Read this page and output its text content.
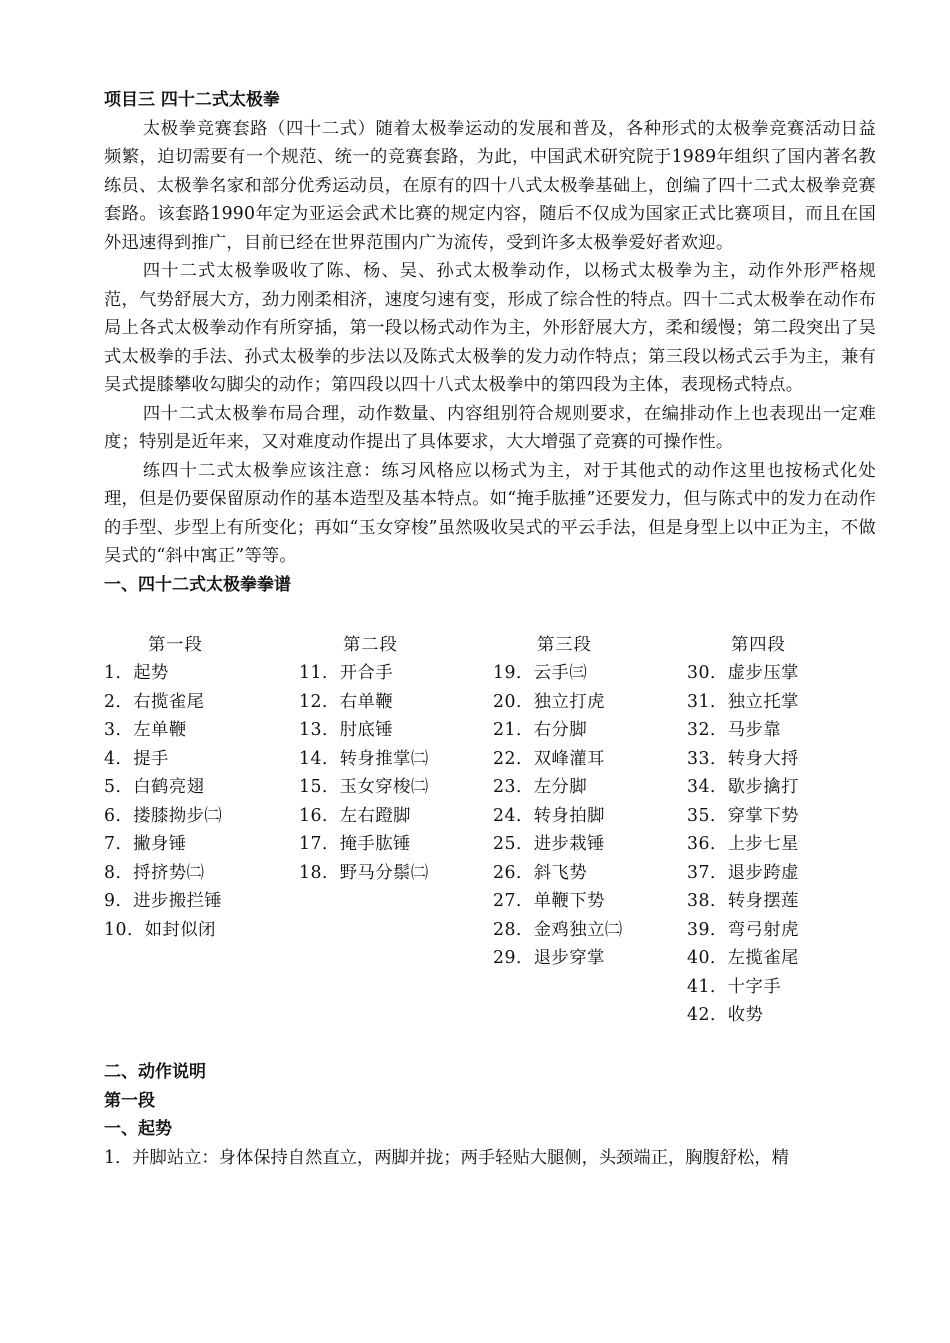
项目三 四十二式太极拳

太极拳竞赛套路（四十二式）随着太极拳运动的发展和普及，各种形式的太极拳竞赛活动日益频繁，迫切需要有一个规范、统一的竞赛套路，为此，中国武术研究院于1989年组织了国内著名教练员、太极拳名家和部分优秀运动员，在原有的四十八式太极拳基础上，创编了四十二式太极拳竞赛套路。该套路1990年定为亚运会武术比赛的规定内容，随后不仅成为国家正式比赛项目，而且在国外迅速得到推广，目前已经在世界范围内广为流传，受到许多太极拳爱好者欢迎。

四十二式太极拳吸收了陈、杨、吴、孙式太极拳动作，以杨式太极拳为主，动作外形严格规范，气势舒展大方，劲力刚柔相济，速度匀速有变，形成了综合性的特点。四十二式太极拳在动作布局上各式太极拳动作有所穿插，第一段以杨式动作为主，外形舒展大方，柔和缓慢；第二段突出了吴式太极拳的手法、孙式太极拳的步法以及陈式太极拳的发力动作特点；第三段以杨式云手为主，兼有吴式提膝攀收勾脚尖的动作；第四段以四十八式太极拳中的第四段为主体，表现杨式特点。

四十二式太极拳布局合理，动作数量、内容组别符合规则要求，在编排动作上也表现出一定难度；特别是近年来，又对难度动作提出了具体要求，大大增强了竞赛的可操作性。

练四十二式太极拳应该注意：练习风格应以杨式为主，对于其他式的动作这里也按杨式化处理，但是仍要保留原动作的基本造型及基本特点。如“掩手肱捶”还要发力，但与陈式中的发力在动作的手型、步型上有所变化；再如“玉女穿梭”虽然吸收吴式的平云手法，但是身型上以中正为主，不做吴式的“斜中寓正”等等。

一、四十二式太极拳拳谱
第一段
1．起势
2．右揽雀尾
3．左单鞭
4．提手
5．白鹤亮翅
6．搂膝拗步㈡
7．撇身锤
8．捋挤势㈡
9．进步搬拦锤
10．如封似闭
第二段
11．开合手
12．右单鞭
13．肘底锤
14．转身推掌㈡
15．玉女穿梭㈡
16．左右蹬脚
17．掩手肱锤
18．野马分鬃㈡
第三段
19．云手㈢
20．独立打虎
21．右分脚
22．双峰灌耳
23．左分脚
24．转身拍脚
25．进步栽锤
26．斜飞势
27．单鞭下势
28．金鸡独立㈡
29．退步穿掌
第四段
30．虚步压掌
31．独立托掌
32．马步靠
33．转身大捋
34．歇步擒打
35．穿掌下势
36．上步七星
37．退步跨虚
38．转身摆莲
39．弯弓射虎
40．左揽雀尾
41．十字手
42．收势
二、动作说明
第一段
一、起势

1．并脚站立：身体保持自然直立，两脚并拢；两手轻贴大腿侧，头颈端正，胸腹舒松，精
